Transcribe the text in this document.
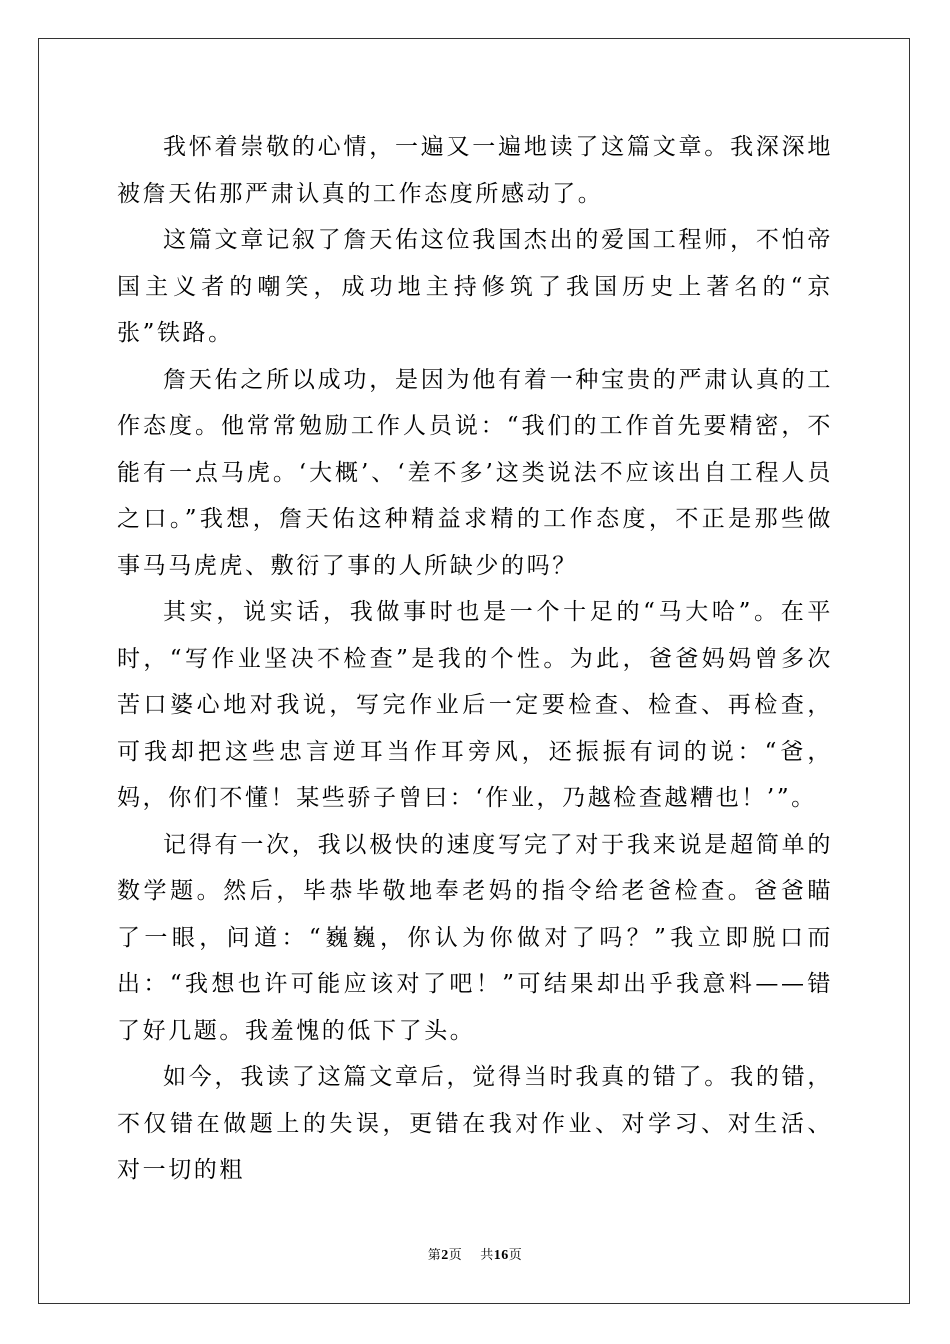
我怀着崇敬的心情，一遍又一遍地读了这篇文章。我深深地被詹天佑那严肃认真的工作态度所感动了。

这篇文章记叙了詹天佑这位我国杰出的爱国工程师，不怕帝国主义者的嘲笑，成功地主持修筑了我国历史上著名的“京张”铁路。

詹天佑之所以成功，是因为他有着一种宝贵的严肃认真的工作态度。他常常勉励工作人员说：“我们的工作首先要精密，不能有一点马虎。‘大概’、‘差不多’这类说法不应该出自工程人员之口。”我想，詹天佑这种精益求精的工作态度，不正是那些做事马马虎虎、敷衍了事的人所缺少的吗？

其实，说实话，我做事时也是一个十足的“马大哈”。在平时，“写作业坚决不检查”是我的个性。为此，爸爸妈妈曾多次苦口婆心地对我说，写完作业后一定要检查、检查、再检查，可我却把这些忠言逆耳当作耳旁风，还振振有词的说：“爸，妈，你们不懂！某些骄子曾曰：‘作业，乃越检查越糟也！’”。

记得有一次，我以极快的速度写完了对于我来说是超简单的数学题。然后，毕恭毕敬地奉老妈的指令给老爸检查。爸爸瞄了一眼，问道：“巍巍，你认为你做对了吗？”我立即脱口而出：“我想也许可能应该对了吧！”可结果却出乎我意料——错了好几题。我羞愧的低下了头。

如今，我读了这篇文章后，觉得当时我真的错了。我的错，不仅错在做题上的失误，更错在我对作业、对学习、对生活、对一切的粗

第2页 共16页
